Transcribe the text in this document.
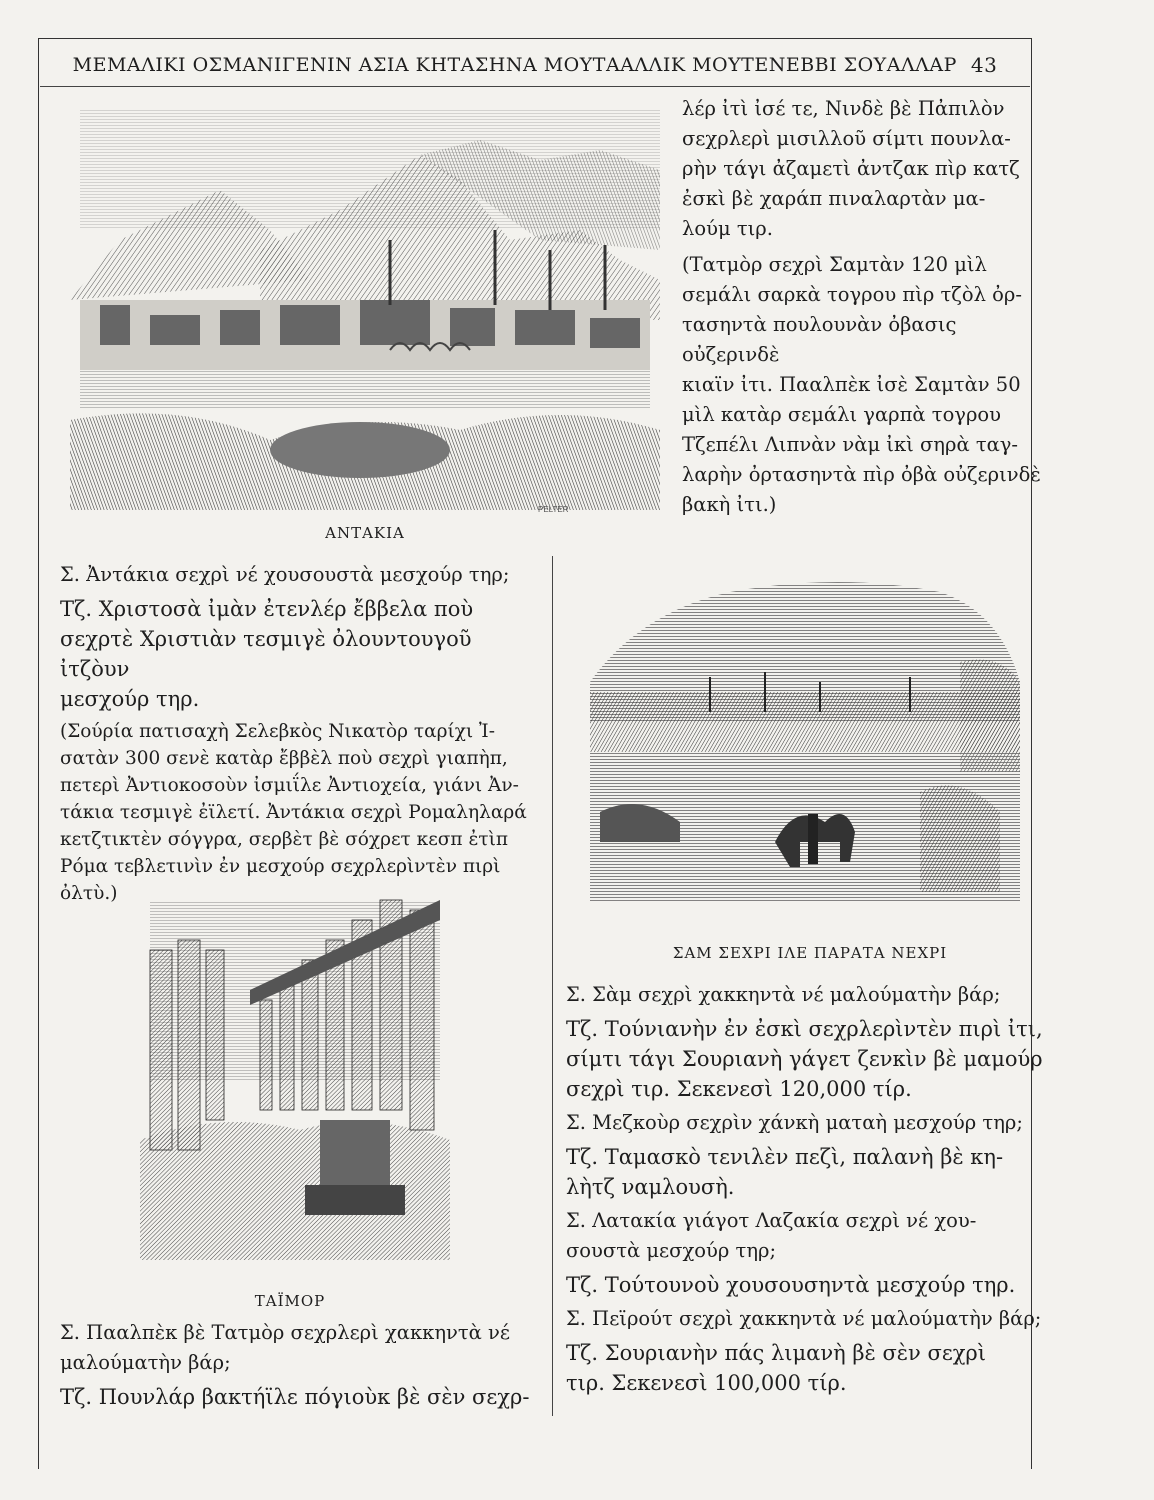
ΜΕΜΑΛΙΚΙ ΟΣΜΑΝΙΓΕΝΙΝ ΑΣΙΑ ΚΗΤΑΣΗΝΑ ΜΟΥΤΑΑΛΛΙΚ ΜΟΥΤΕΝΕΒΒΙ ΣΟΥΑΛΛΑΡ 43
PELTER
ΑΝΤΑΚΙΑ

λέρ ἰτὶ ἰσέ τε, Νινδὲ βὲ Πἀπιλὸν
σεχρλερὶ μισιλλοῦ σίμτι πουνλα-
ρὴν τάγι ἀζαμετὶ ἀντζακ πὶρ κατζ
ἐσκὶ βὲ χαράπ πιναλαρτὰν μα-
λούμ τιρ.

(Τατμὸρ σεχρὶ Σαμτὰν 120 μὶλ
σεμάλι σαρκὰ τογρου πὶρ τζὸλ ὀρ-
τασηντὰ πουλουνὰν ὀβασις οὐζερινδὲ
κιαϊν ἰτι. Πααλπὲκ ἰσὲ Σαμτὰν 50
μὶλ κατὰρ σεμάλι γαρπὰ τογρου
Τζεπέλι Λιπνὰν νὰμ ἰκὶ σηρὰ ταγ-
λαρὴν ὀρτασηντὰ πὶρ ὀβὰ οὐζερινδὲ
βακὴ ἰτι.)

Σ. Ἀντάκια σεχρὶ νέ χουσουστὰ μεσχούρ τηρ;

Τζ. Χριστοσὰ ἰμὰν ἐτενλέρ ἔββελα ποὺ
σεχρτὲ Χριστιὰν τεσμιγὲ ὀλουντουγοῦ ἰτζὸυν
μεσχούρ τηρ.

(Σούρία πατισαχὴ Σελεβκὸς Νικατὸρ ταρίχι Ἰ-
σατὰν 300 σενὲ κατὰρ ἔββὲλ ποὺ σεχρὶ γιαπὴπ,
πετερὶ Ἀντιοκοσοὺν ἰσμιΐλε Ἀντιοχεία, γιάνι Ἀν-
τάκια τεσμιγὲ ἐϊλετί. Ἀντάκια σεχρὶ Ρομαληλαρά
κετζτικτὲν σόγγρα, σερβὲτ βὲ σόχρετ κεσπ ἐτὶπ
Ρόμα τεβλετινὶν ἐν μεσχούρ σεχρλερὶντὲν πιρὶ ὀλτὺ.)

ΤΑΪΜΟΡ

Σ. Πααλπὲκ βὲ Τατμὸρ σεχρλερὶ χακκηντὰ νέ
μαλούματὴν βάρ;

Τζ. Πουνλάρ βακτήϊλε πόγιοὺκ βὲ σὲν σεχρ-

ΣΑΜ ΣΕΧΡΙ ΙΛΕ ΠΑΡΑΤΑ ΝΕΧΡΙ

Σ. Σὰμ σεχρὶ χακκηντὰ νέ μαλούματὴν βάρ;

Τζ. Τούνιανὴν ἐν ἐσκὶ σεχρλερὶντὲν πιρὶ ἰτι,
σίμτι τάγι Σουριανὴ γάγετ ζενκὶν βὲ μαμούρ
σεχρὶ τιρ. Σεκενεσὶ 120,000 τίρ.

Σ. Μεζκοὺρ σεχρὶν χάνκὴ ματαὴ μεσχούρ τηρ;

Τζ. Ταμασκὸ τενιλὲν πεζὶ, παλανὴ βὲ κη-
λὴτζ ναμλουσὴ.

Σ. Λατακία γιάγοτ Λαζακία σεχρὶ νέ χου-
σουστὰ μεσχούρ τηρ;

Τζ. Τούτουνοὺ χουσουσηντὰ μεσχούρ τηρ.

Σ. Πεϊρούτ σεχρὶ χακκηντὰ νέ μαλούματὴν βάρ;

Τζ. Σουριανὴν πάς λιμανὴ βὲ σὲν σεχρὶ
τιρ. Σεκενεσὶ 100,000 τίρ.
